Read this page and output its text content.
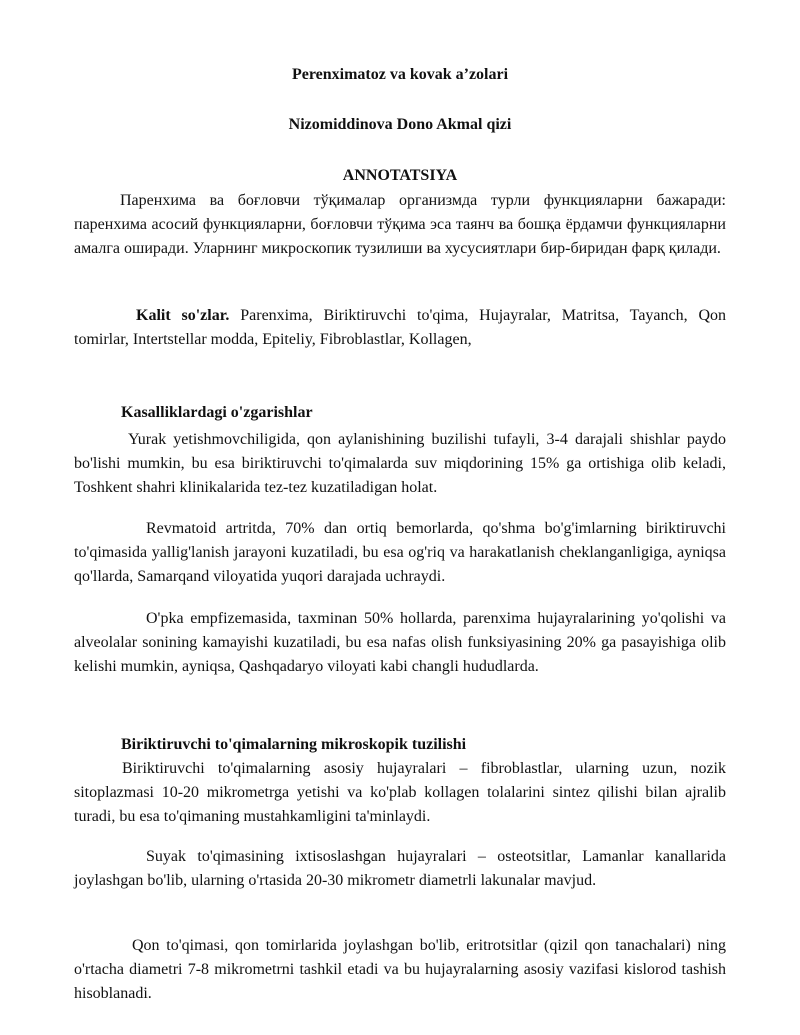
Perenximatoz va kovak a’zolari
Nizomiddinova Dono Akmal qizi
ANNOTATSIYA

Паренхима ва боғловчи тўқималар организмда турли функцияларни бажаради: паренхима асосий функцияларни, боғловчи тўқима эса таянч ва бошқа ёрдамчи функцияларни амалга оширади. Уларнинг микроскопик тузилиши ва хусусиятлари бир-биридан фарқ қилади.

Kalit so'zlar. Parenxima, Biriktiruvchi to'qima, Hujayralar, Matritsa, Tayanch, Qon tomirlar, Intertstellar modda, Epiteliy, Fibroblastlar, Kollagen,

Kasalliklardagi o'zgarishlar

Yurak yetishmovchiligida, qon aylanishining buzilishi tufayli, 3-4 darajali shishlar paydo bo'lishi mumkin, bu esa biriktiruvchi to'qimalarda suv miqdorining 15% ga ortishiga olib keladi, Toshkent shahri klinikalarida tez-tez kuzatiladigan holat.

Revmatoid artritda, 70% dan ortiq bemorlarda, qo'shma bo'g'imlarning biriktiruvchi to'qimasida yallig'lanish jarayoni kuzatiladi, bu esa og'riq va harakatlanish cheklanganligiga, ayniqsa qo'llarda, Samarqand viloyatida yuqori darajada uchraydi.

O'pka empfizemasida, taxminan 50% hollarda, parenxima hujayralarining yo'qolishi va alveolalar sonining kamayishi kuzatiladi, bu esa nafas olish funksiyasining 20% ga pasayishiga olib kelishi mumkin, ayniqsa, Qashqadaryo viloyati kabi changli hududlarda.

Biriktiruvchi to'qimalarning mikroskopik tuzilishi

Biriktiruvchi to'qimalarning asosiy hujayralari – fibroblastlar, ularning uzun, nozik sitoplazmasi 10-20 mikrometrga yetishi va ko'plab kollagen tolalarini sintez qilishi bilan ajralib turadi, bu esa to'qimaning mustahkamligini ta'minlaydi.

Suyak to'qimasining ixtisoslashgan hujayralari – osteotsitlar, Lamanlar kanallarida joylashgan bo'lib, ularning o'rtasida 20-30 mikrometr diametrli lakunalar mavjud.

Qon to'qimasi, qon tomirlarida joylashgan bo'lib, eritrotsitlar (qizil qon tanachalari) ning o'rtacha diametri 7-8 mikrometrni tashkil etadi va bu hujayralarning asosiy vazifasi kislorod tashish hisoblanadi.
